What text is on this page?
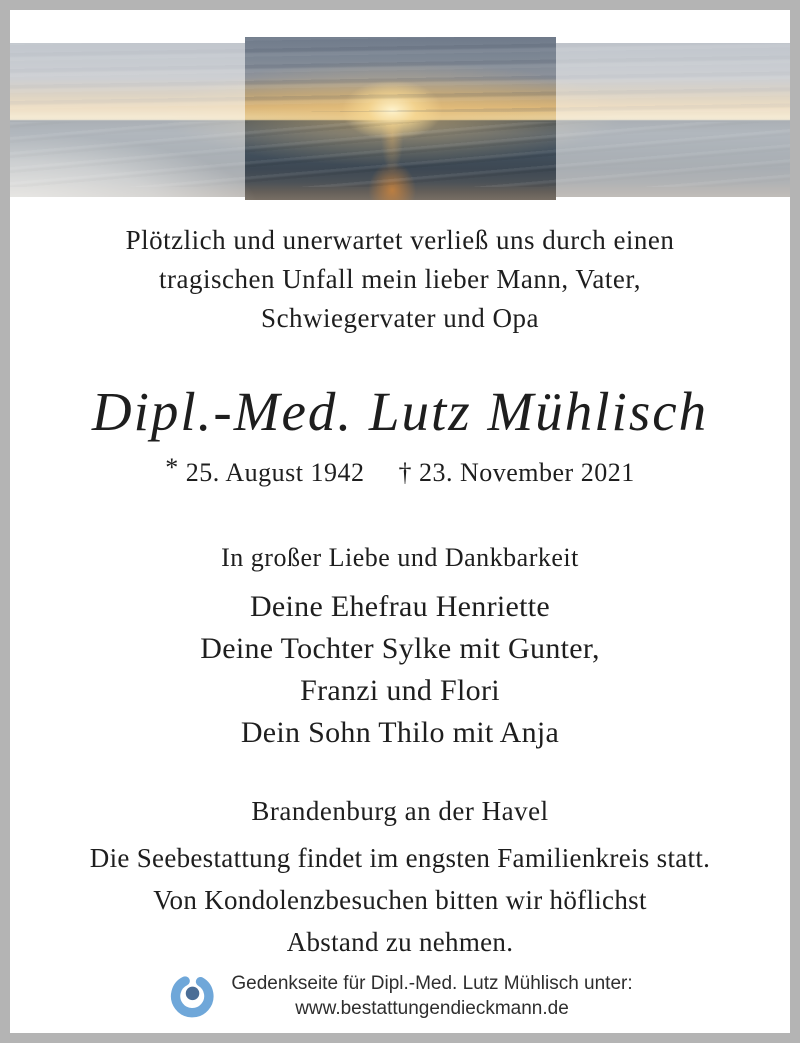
Plötzlich und unerwartet verließ uns durch einen
tragischen Unfall mein lieber Mann, Vater,
Schwiegervater und Opa
Dipl.-Med. Lutz Mühlisch
* 25. August 1942 † 23. November 2021
In großer Liebe und Dankbarkeit
Deine Ehefrau Henriette
Deine Tochter Sylke mit Gunter,
Franzi und Flori
Dein Sohn Thilo mit Anja
Brandenburg an der Havel
Die Seebestattung findet im engsten Familienkreis statt.
Von Kondolenzbesuchen bitten wir höflichst
Abstand zu nehmen.
Gedenkseite für Dipl.-Med. Lutz Mühlisch unter:
www.bestattungendieckmann.de
